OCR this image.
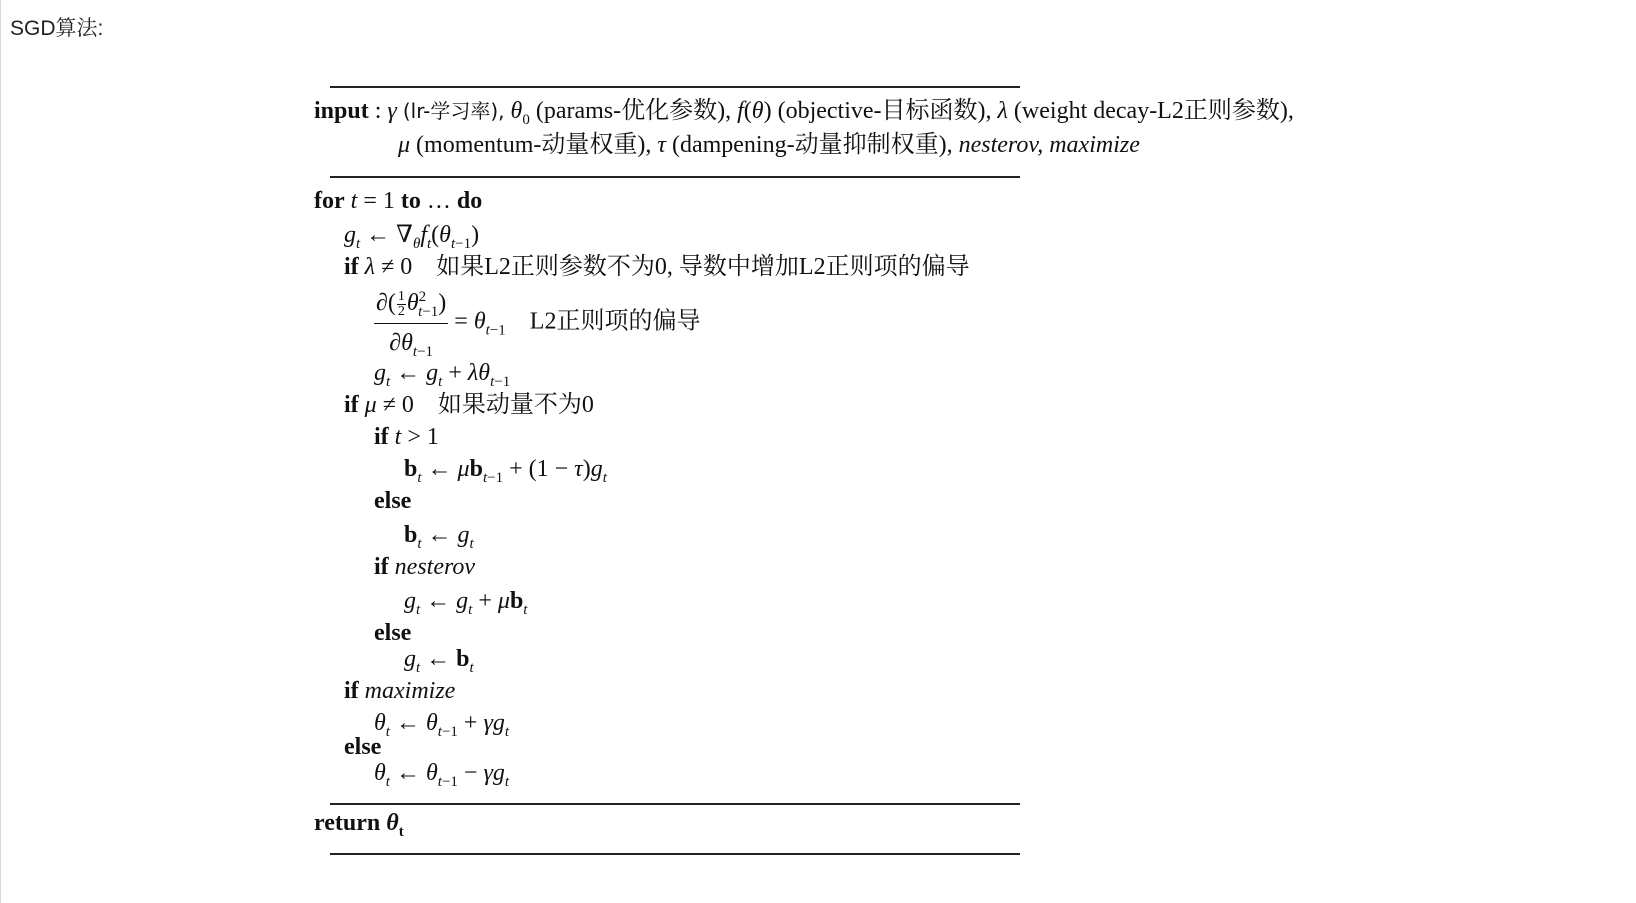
SGD算法:
input : γ (lr-学习率), $\theta_0$ (params-优化参数), f(θ) (objective-目标函数), λ (weight decay-L2正则参数),
μ (momentum-动量权重), τ (dampening-动量抑制权重), nesterov, maximize
for t = 1 to … do
$g_t$ ← $\nabla_\theta f_t(\theta_{t-1})$
if λ ≠ 0 如果L2正则参数不为0, 导数中增加L2正则项的偏导
$\frac{\partial( \frac{1}{2} \theta^2_{t-1})}{\partial\theta_{t-1}} = \theta_{t-1}$ L2正则项的偏导
$g_t$ ← $g_t + \lambda\theta_{t-1}$
if μ ≠ 0 如果动量不为0
if t > 1
$b_t$ ← $\mu b_{t-1} + (1 - \tau)g_t$
else
$b_t$ ← $g_t$
if nesterov
$g_t$ ← $g_t + \mu b_t$
else
$g_t$ ← $b_t$
if maximize
$\theta_t$ ← $\theta_{t-1} + \gamma g_t$
else
$\theta_t$ ← $\theta_{t-1} - \gamma g_t$
return $\theta_t$
